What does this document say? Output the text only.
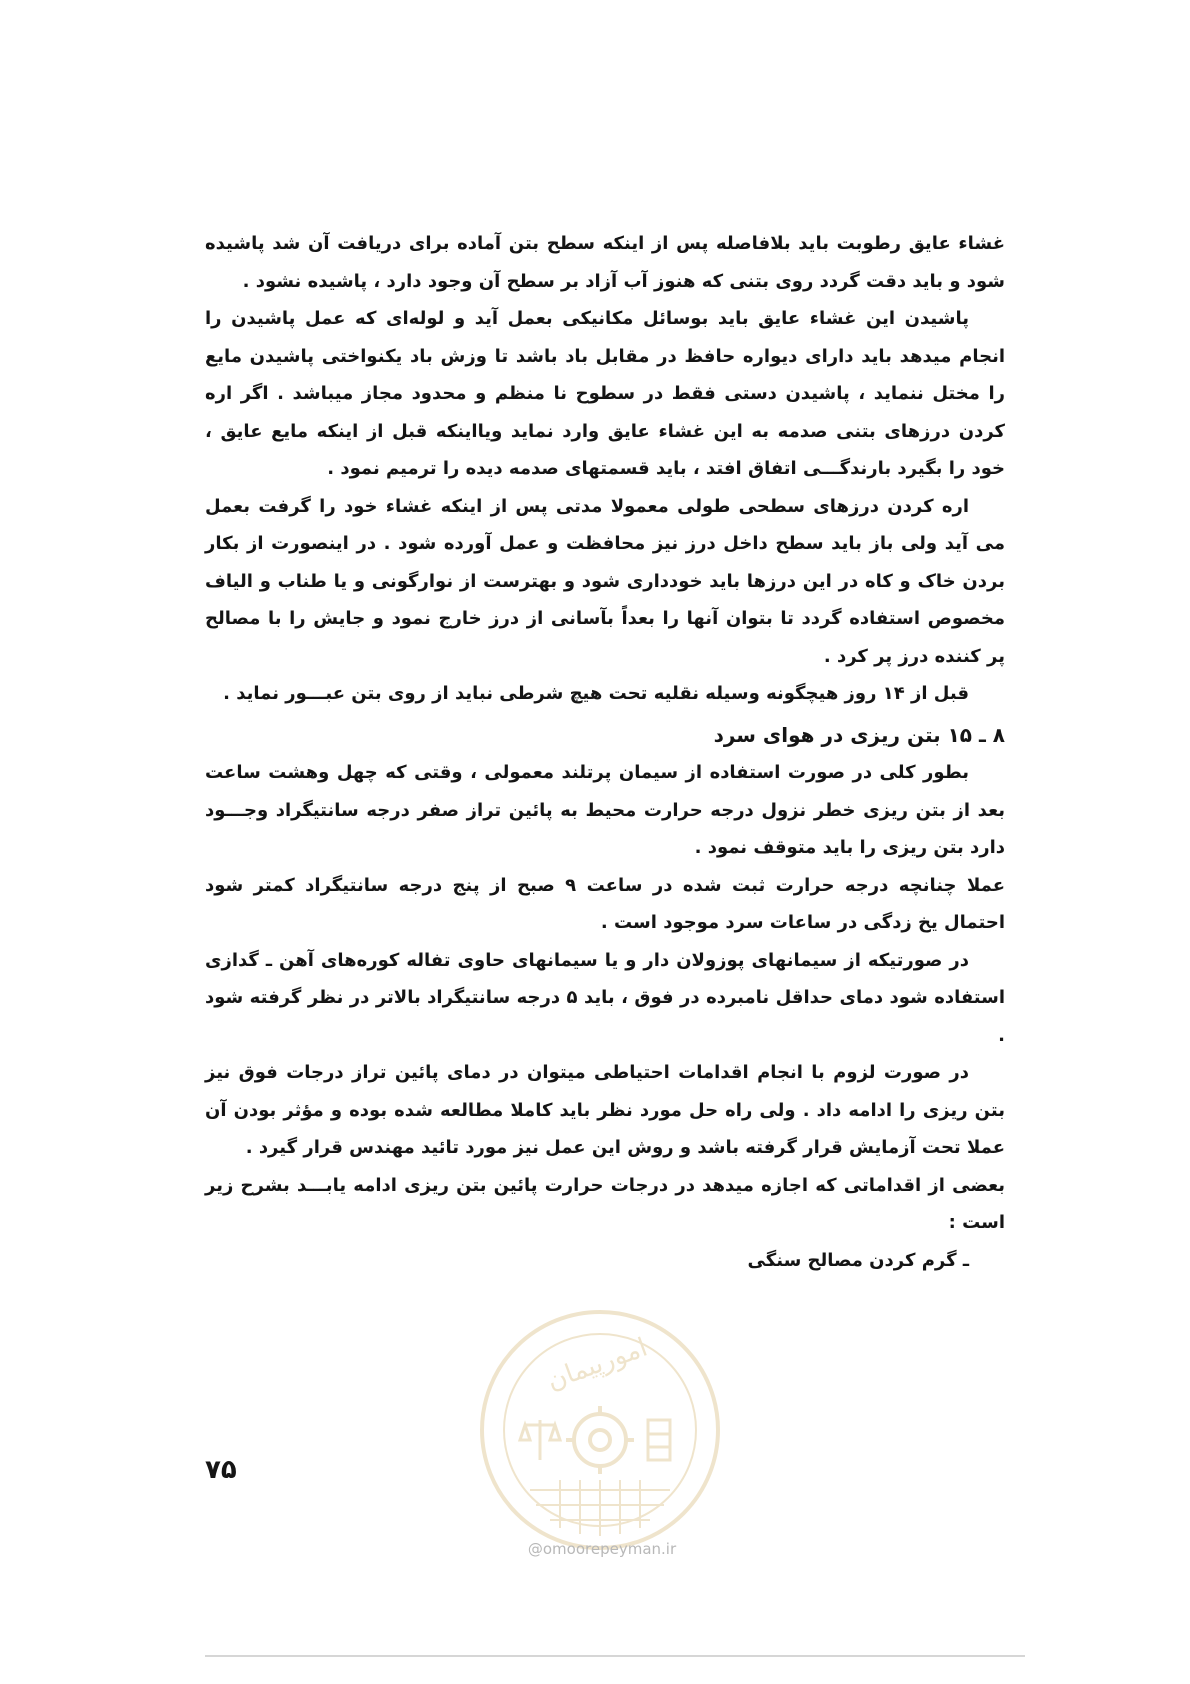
غشاء عایق رطوبت باید بلافاصله پس از اینکه سطح بتن آماده برای دریافت آن شد پاشیده شود و باید دقت گردد روی بتنی که هنوز آب آزاد بر سطح آن وجود دارد ، پاشیده نشود .

پاشیدن این غشاء عایق باید بوسائل مکانیکی بعمل آید و لوله‌ای که عمل پاشیدن را انجام میدهد باید دارای دیواره حافظ در مقابل باد باشد تا وزش باد یکنواختی پاشیدن مایع را مختل ننماید ، پاشیدن دستی فقط در سطوح نا منظم و محدود مجاز میباشد . اگر اره کردن درزهای بتنی صدمه به این غشاء عایق وارد نماید ویااینکه قبل از اینکه مایع عایق ، خود را بگیرد بارندگـــی اتفاق افتد ، باید قسمتهای صدمه دیده را ترمیم نمود .

اره کردن درزهای سطحی طولی معمولا مدتی پس از اینکه غشاء خود را گرفت بعمل می آید ولی باز باید سطح داخل درز نیز محافظت و عمل آورده شود . در اینصورت از بکار بردن خاک و کاه در این درزها باید خودداری شود و بهترست از نوارگونی و یا طناب و الیاف مخصوص استفاده گردد تا بتوان آنها را بعداً بآسانی از درز خارج نمود و جایش را با مصالح پر کننده درز پر کرد .

قبل از ۱۴ روز هیچگونه وسیله نقلیه تحت هیچ شرطی نباید از روی بتن عبـــور نماید .

۸ ـ ۱۵ بتن ریزی در هوای سرد

بطور کلی در صورت استفاده از سیمان پرتلند معمولی ، وقتی که چهل وهشت ساعت بعد از بتن ریزی خطر نزول درجه حرارت محیط به پائین تراز صفر درجه سانتیگراد وجـــود دارد بتن ریزی را باید متوقف نمود .

عملا چنانچه درجه حرارت ثبت شده در ساعت ۹ صبح از پنج درجه سانتیگراد کمتر شود احتمال یخ زدگی در ساعات سرد موجود است .

در صورتیکه از سیمانهای پوزولان دار و یا سیمانهای حاوی تفاله کوره‌های آهن ـ گدازی استفاده شود دمای حداقل نامبرده در فوق ، باید ۵ درجه سانتیگراد بالاتر در نظر گرفته شود .

در صورت لزوم با انجام اقدامات احتیاطی میتوان در دمای پائین تراز درجات فوق نیز بتن ریزی را ادامه داد . ولی راه حل مورد نظر باید کاملا مطالعه شده بوده و مؤثر بودن آن عملا تحت آزمایش قرار گرفته باشد و روش این عمل نیز مورد تائید مهندس قرار گیرد .

بعضی از اقداماتی که اجازه میدهد در درجات حرارت پائین بتن ریزی ادامه یابـــد بشرح زیر است :

ـ گرم کردن مصالح سنگی

۷۵
امورپیمان
@omoorepeyman.ir
